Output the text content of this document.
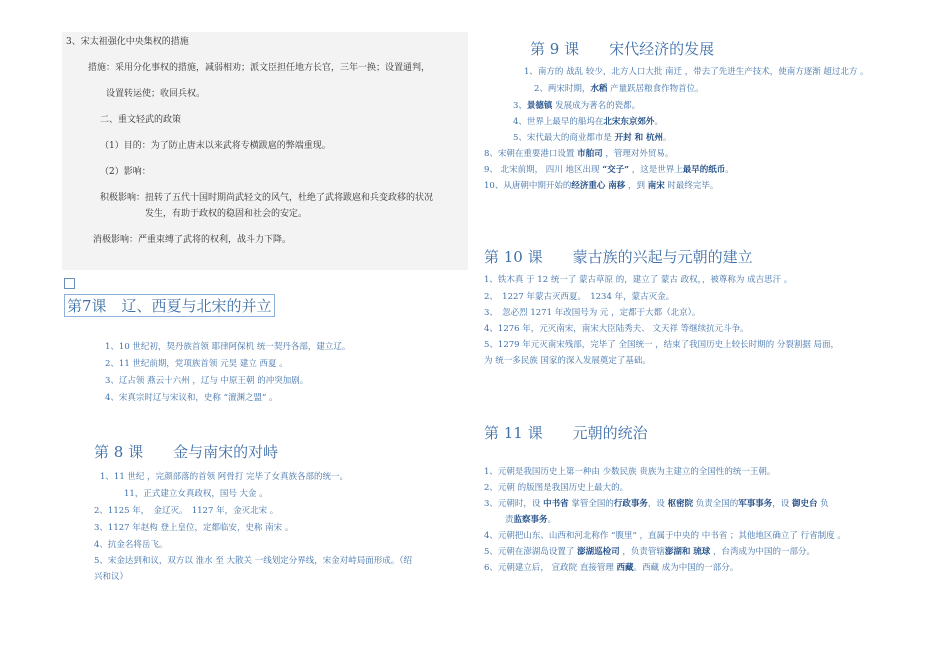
3、宋太祖强化中央集权的措施
措施：采用分化事权的措施，减弱相劝；派文臣担任地方长官，三年一换；设置通判，
设置转运使；收回兵权。
二、重文轻武的政策
（1）目的：为了防止唐末以来武将专横跋扈的弊端重现。
（2）影响：
积极影响：扭转了五代十国时期尚武轻文的风气，杜绝了武将跋扈和兵变政移的状况
发生，有助于政权的稳固和社会的安定。
消极影响：严重束缚了武将的权利，战斗力下降。
第7课　辽、西夏与北宋的并立
1、10 世纪初，契丹族首领 耶律阿保机 统一契丹各部，建立辽。
2、11 世纪前期，党项族首领 元昊 建立 西夏 。
3、辽占领 燕云十六州 ，辽与 中原王朝 的冲突加剧。
4、宋真宗时辽与宋议和，史称 “澶渊之盟” 。
第 8 课　　金与南宋的对峙
1、11 世纪 ，完颜部落的首领 阿骨打 完毕了女真族各部的统一。
11，正式建立女真政权，国号 大金 。
2、1125 年，　金辽灭。　1127 年，金灭北宋 。
3、1127 年赵构 登上皇位，定都临安，史称 南宋 。
4、抗金名将岳飞。
5、宋金达到和议，双方以 淮水 至 大散关 一线划定分界线，宋金对峙局面形成。（绍
兴和议）
第 9 课　　宋代经济的发展
1、南方的 战乱 较少，北方人口大批 南迁 ，带去了先进生产技术，使南方逐渐 超过北方 。
2、两宋时期，水稻 产量跃居粮食作物首位。
3、景德镇 发展成为著名的瓷都。
4、世界上最早的船坞在北宋东京郊外。
5、宋代最大的商业都市是 开封 和 杭州。
8、宋朝在重要港口设置 市舶司 ，管理对外贸易。
9、 北宋前期， 四川 地区出现 “交子” ，这是世界上最早的纸币。
10、从唐朝中期开始的经济重心 南移 ，到 南宋 时最终完毕。
第 10 课　　蒙古族的兴起与元朝的建立
1、铁木真 于 12 统一了 蒙古草原 的，建立了 蒙古 政权，，被尊称为 成吉思汗 。
2、　1227 年蒙古灭西夏。　1234 年，蒙古灭金。
3、　忽必烈 1271 年改国号为 元 ，定都于大都（北京）。
4、1276 年，元灭南宋，南宋大臣陆秀夫、 文天祥 等继续抗元斗争。
5、1279 年元灭南宋残部，完毕了 全国统一 ，结束了我国历史上较长时期的 分裂割据 局面，
为 统一多民族 国家的深入发展奠定了基础。
第 11 课　　元朝的统治
1、元朝是我国历史上第一种由 少数民族 贵族为主建立的全国性的统一王朝。
2、元朝 的版图是我国历史上最大的。
3、元朝时，设 中书省 掌管全国的行政事务，设 枢密院 负责全国的军事事务，设 御史台 负
责监察事务。
4、元朝把山东、山西和河北称作 “腹里” ，直属于中央的 中书省 ；其他地区确立了 行省制度 。
5、元朝在澎湖岛设置了 澎湖巡检司 ，负责管辖澎湖和 琉球 ，台湾成为中国的一部分。
6、元朝建立后， 宣政院 直接管理 西藏。西藏 成为中国的一部分。
